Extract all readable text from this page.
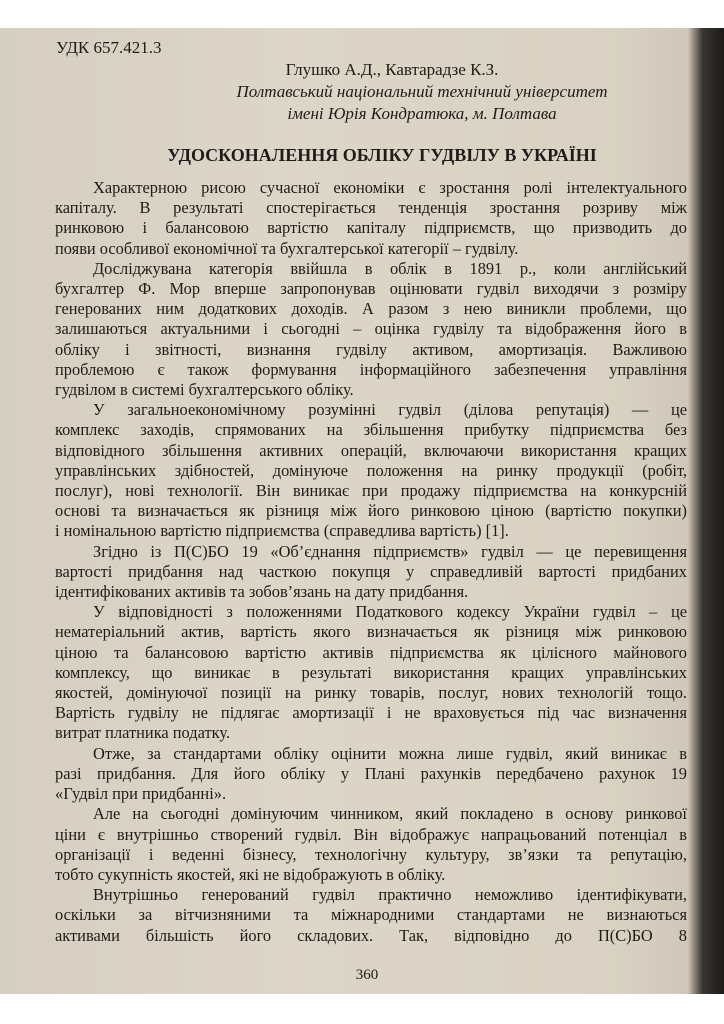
УДК 657.421.3
Глушко А.Д., Кавтарадзе К.З.
Полтавський національний технічний університет
імені Юрія Кондратюка, м. Полтава
УДОСКОНАЛЕННЯ ОБЛІКУ ГУДВІЛУ В УКРАЇНІ
Характерною рисою сучасної економіки є зростання ролі інтелектуального
капіталу. В результаті спостерігається тенденція зростання розриву між
ринковою і балансовою вартістю капіталу підприємств, що призводить до
появи особливої економічної та бухгалтерської категорії – гудвілу.
Досліджувана категорія ввійшла в облік в 1891 р., коли англійський
бухгалтер Ф. Мор вперше запропонував оцінювати гудвіл виходячи з розміру
генерованих ним додаткових доходів. А разом з нею виникли проблеми, що
залишаються актуальними і сьогодні – оцінка гудвілу та відображення його в
обліку і звітності, визнання гудвілу активом, амортизація. Важливою
проблемою є також формування інформаційного забезпечення управління
гудвілом в системі бухгалтерського обліку.
У загальноекономічному розумінні гудвіл (ділова репутація) — це
комплекс заходів, спрямованих на збільшення прибутку підприємства без
відповідного збільшення активних операцій, включаючи використання кращих
управлінських здібностей, домінуюче положення на ринку продукції (робіт,
послуг), нові технології. Він виникає при продажу підприємства на конкурсній
основі та визначається як різниця між його ринковою ціною (вартістю покупки)
і номінальною вартістю підприємства (справедлива вартість) [1].
Згідно із П(С)БО 19 «Об’єднання підприємств» гудвіл — це перевищення
вартості придбання над часткою покупця у справедливій вартості придбаних
ідентифікованих активів та зобов’язань на дату придбання.
У відповідності з положеннями Податкового кодексу України гудвіл – це
нематеріальний актив, вартість якого визначається як різниця між ринковою
ціною та балансовою вартістю активів підприємства як цілісного майнового
комплексу, що виникає в результаті використання кращих управлінських
якостей, домінуючої позиції на ринку товарів, послуг, нових технологій тощо.
Вартість гудвілу не підлягає амортизації і не враховується під час визначення
витрат платника податку.
Отже, за стандартами обліку оцінити можна лише гудвіл, який виникає в
разі придбання. Для його обліку у Плані рахунків передбачено рахунок 19
«Гудвіл при придбанні».
Але на сьогодні домінуючим чинником, який покладено в основу ринкової
ціни є внутрішньо створений гудвіл. Він відображує напрацьований потенціал в
організації і веденні бізнесу, технологічну культуру, зв’язки та репутацію,
тобто сукупність якостей, які не відображують в обліку.
Внутрішньо генерований гудвіл практично неможливо ідентифікувати,
оскільки за вітчизняними та міжнародними стандартами не визнаються
активами більшість його складових. Так, відповідно до П(С)БО 8
360
